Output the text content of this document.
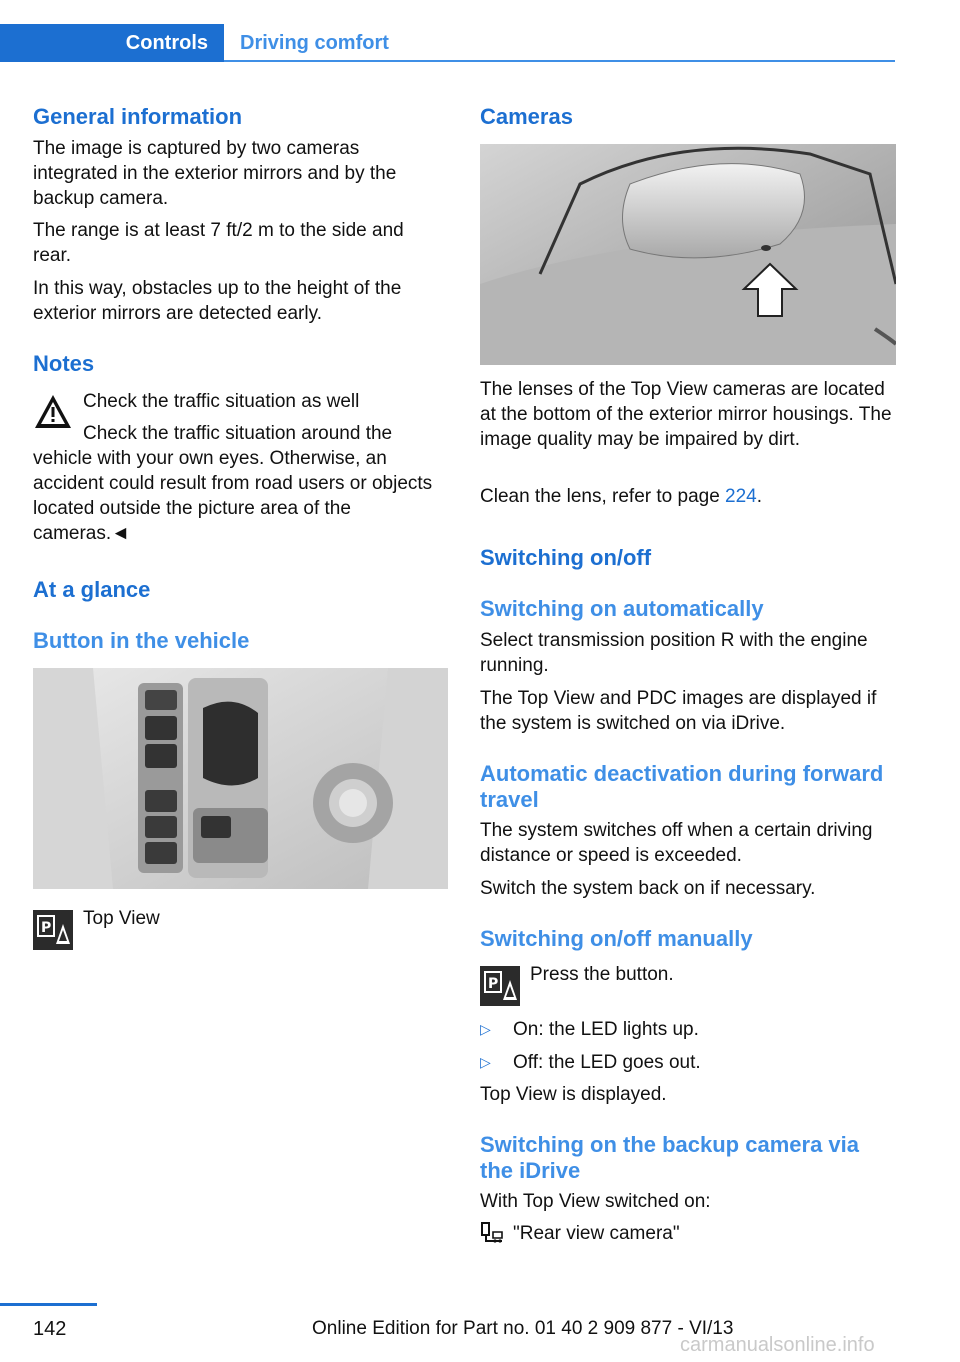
Controls	Driving comfort
General information

The image is captured by two cameras integrated in the exterior mirrors and by the backup camera.

The range is at least 7 ft/2 m to the side and rear.

In this way, obstacles up to the height of the exterior mirrors are detected early.

Notes

Check the traffic situation as well

Check the traffic situation around the vehicle with your own eyes. Otherwise, an accident could result from road users or objects located outside the picture area of the cameras.◄

At a glance
Button in the vehicle
P Top View

Cameras

The lenses of the Top View cameras are located at the bottom of the exterior mirror housings. The image quality may be impaired by dirt.

Clean the lens, refer to page 224.

Switching on/off
Switching on automatically

Select transmission position R with the engine running.

The Top View and PDC images are displayed if the system is switched on via iDrive.

Automatic deactivation during forward travel

The system switches off when a certain driving distance or speed is exceeded.

Switch the system back on if necessary.

Switching on/off manually
P Press the button.

▷ On: the LED lights up.
▷ Off: the LED goes out.

Top View is displayed.

Switching on the backup camera via the iDrive

With Top View switched on:

"Rear view camera"

142	Online Edition for Part no. 01 40 2 909 877 - VI/13
carmanualsonline.info
